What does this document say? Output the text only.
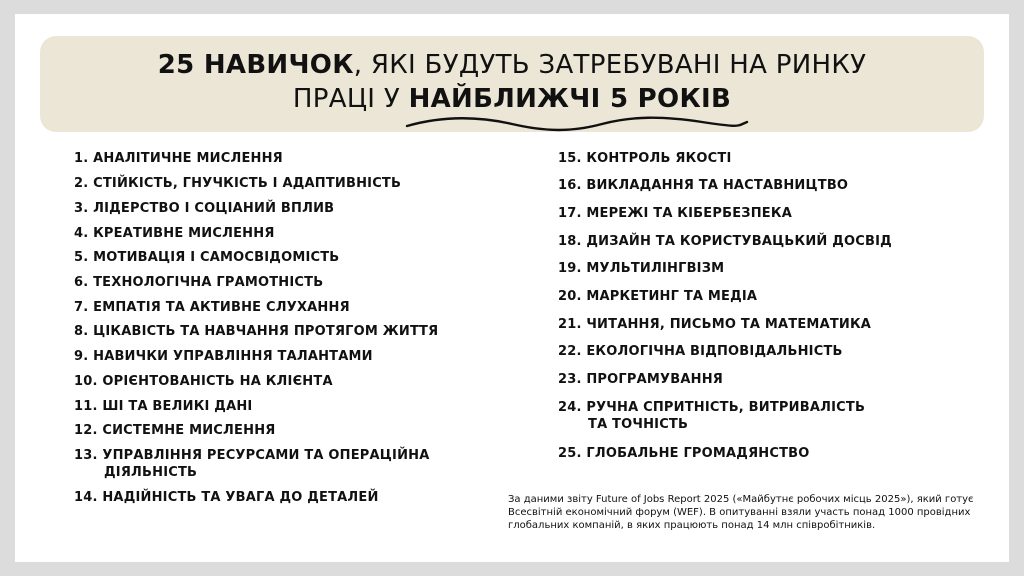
25 НАВИЧОК, ЯКІ БУДУТЬ ЗАТРЕБУВАНІ НА РИНКУ
ПРАЦІ У НАЙБЛИЖЧІ 5 РОКІВ
1. АНАЛІТИЧНЕ МИСЛЕННЯ
2. СТІЙКІСТЬ, ГНУЧКІСТЬ І АДАПТИВНІСТЬ
3. ЛІДЕРСТВО І СОЦІАНИЙ ВПЛИВ
4. КРЕАТИВНЕ МИСЛЕННЯ
5. МОТИВАЦІЯ І САМОСВІДОМІСТЬ
6. ТЕХНОЛОГІЧНА ГРАМОТНІСТЬ
7. ЕМПАТІЯ ТА АКТИВНЕ СЛУХАННЯ
8. ЦІКАВІСТЬ ТА НАВЧАННЯ ПРОТЯГОМ ЖИТТЯ
9. НАВИЧКИ УПРАВЛІННЯ ТАЛАНТАМИ
10. ОРІЄНТОВАНІСТЬ НА КЛІЄНТА
11. ШІ ТА ВЕЛИКІ ДАНІ
12. СИСТЕМНЕ МИСЛЕННЯ
13. УПРАВЛІННЯ РЕСУРСАМИ ТА ОПЕРАЦІЙНА
ДІЯЛЬНІСТЬ
14. НАДІЙНІСТЬ ТА УВАГА ДО ДЕТАЛЕЙ
15. КОНТРОЛЬ ЯКОСТІ
16. ВИКЛАДАННЯ ТА НАСТАВНИЦТВО
17. МЕРЕЖІ ТА КІБЕРБЕЗПЕКА
18. ДИЗАЙН ТА КОРИСТУВАЦЬКИЙ ДОСВІД
19. МУЛЬТИЛІНГВІЗМ
20. МАРКЕТИНГ ТА МЕДІА
21. ЧИТАННЯ, ПИСЬМО ТА МАТЕМАТИКА
22. ЕКОЛОГІЧНА ВІДПОВІДАЛЬНІСТЬ
23. ПРОГРАМУВАННЯ
24. РУЧНА СПРИТНІСТЬ, ВИТРИВАЛІСТЬ
ТА ТОЧНІСТЬ
25. ГЛОБАЛЬНЕ ГРОМАДЯНСТВО
За даними звіту Future of Jobs Report 2025 («Майбутнє робочих місць 2025»), який готує Всесвітній економічний форум (WEF). В опитуванні взяли участь понад 1000 провідних глобальних компаній, в яких працюють понад 14 млн співробітників.
